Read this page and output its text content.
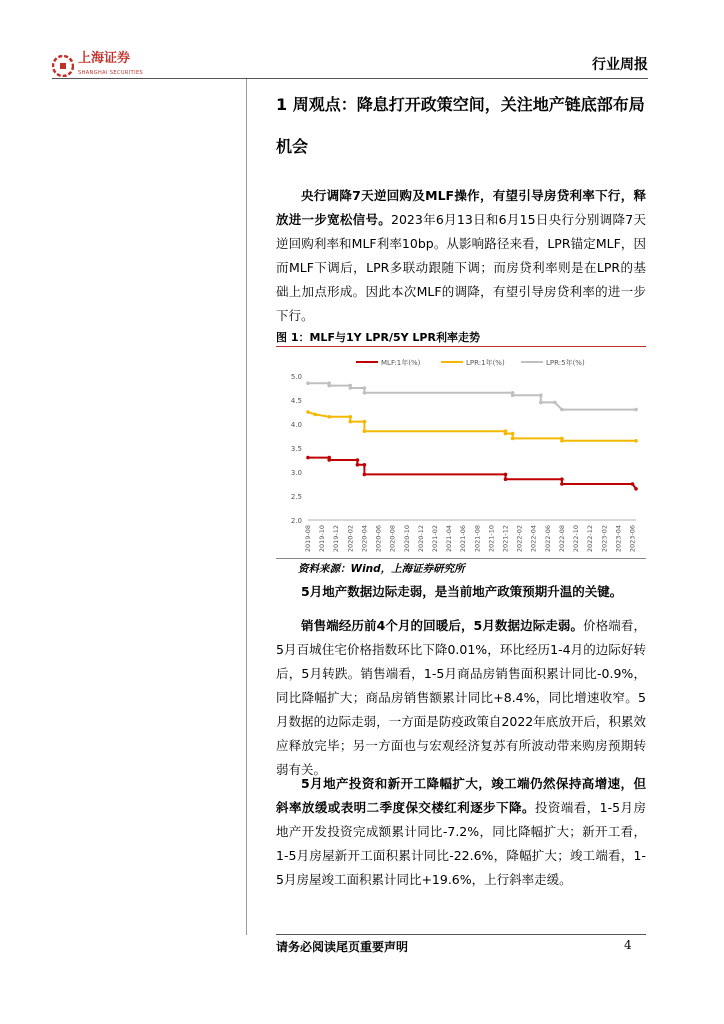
上海证券
SHANGHAI SECURITIES	行业周报
1 周观点：降息打开政策空间，关注地产链底部布局机会
央行调降7天逆回购及MLF操作，有望引导房贷利率下行，释放进一步宽松信号。2023年6月13日和6月15日央行分别调降7天逆回购利率和MLF利率10bp。从影响路径来看，LPR锚定MLF，因而MLF下调后，LPR多联动跟随下调；而房贷利率则是在LPR的基础上加点形成。因此本次MLF的调降，有望引导房贷利率的进一步下行。
图 1：MLF与1Y LPR/5Y LPR利率走势
5.0
4.5
4.0
3.5
3.0
2.5
2.0
2019-08 2019-10 2019-12 2020-02 2020-04 2020-06 2020-08 2020-10 2020-12 2021-02 2021-04 2021-06 2021-08 2021-10 2021-12 2022-02 2022-04 2022-06 2022-08 2022-10 2022-12 2023-02 2023-04 2023-06
MLF:1年(%)	LPR:1年(%)	LPR:5年(%)
资料来源：Wind，上海证券研究所
5月地产数据边际走弱，是当前地产政策预期升温的关键。
销售端经历前4个月的回暖后，5月数据边际走弱。价格端看，5月百城住宅价格指数环比下降0.01%，环比经历1-4月的边际好转后，5月转跌。销售端看，1-5月商品房销售面积累计同比-0.9%，同比降幅扩大；商品房销售额累计同比+8.4%，同比增速收窄。5月数据的边际走弱，一方面是防疫政策自2022年底放开后，积累效应释放完毕；另一方面也与宏观经济复苏有所波动带来购房预期转弱有关。
5月地产投资和新开工降幅扩大，竣工端仍然保持高增速，但斜率放缓或表明二季度保交楼红利逐步下降。投资端看，1-5月房地产开发投资完成额累计同比-7.2%，同比降幅扩大；新开工看，1-5月房屋新开工面积累计同比-22.6%，降幅扩大；竣工端看，1-5月房屋竣工面积累计同比+19.6%，上行斜率走缓。
请务必阅读尾页重要声明	4
